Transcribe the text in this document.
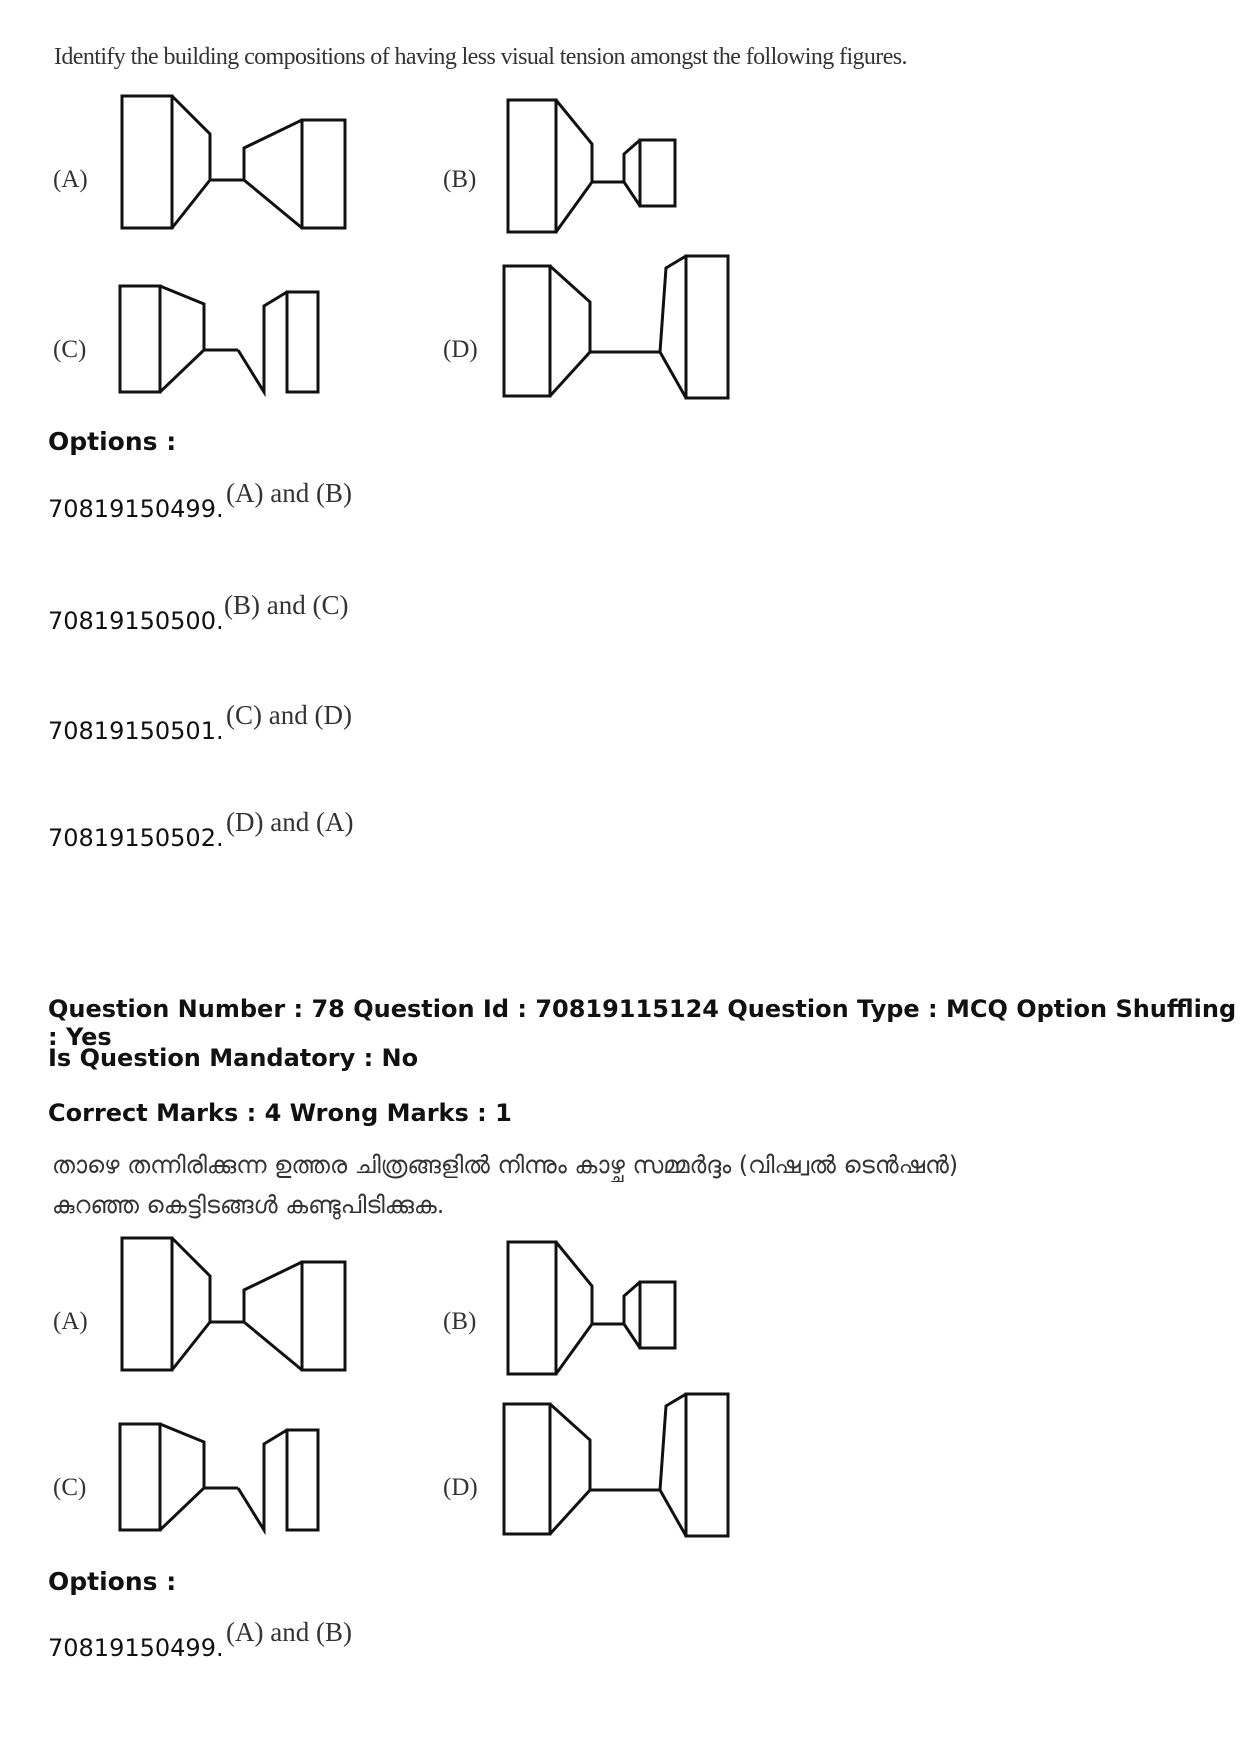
Identify the building compositions of having less visual tension amongst the following figures.
(A)	(B)
(C)	(D)
Options :
70819150499.
(A) and (B)
70819150500.
(B) and (C)
70819150501.
(C) and (D)
70819150502.
(D) and (A)
Question Number : 78 Question Id : 70819115124 Question Type : MCQ Option Shuffling : Yes
Is Question Mandatory : No
Correct Marks : 4 Wrong Marks : 1
താഴെ തന്നിരിക്കുന്ന ഉത്തര ചിത്രങ്ങളിൽ നിന്നും കാഴ്ച സമ്മർദ്ദം (വിഷ്വൽ ടെൻഷൻ)
കുറഞ്ഞ കെട്ടിടങ്ങൾ കണ്ടുപിടിക്കുക.
(A)	(B)
(C)	(D)
Options :
70819150499.
(A) and (B)
